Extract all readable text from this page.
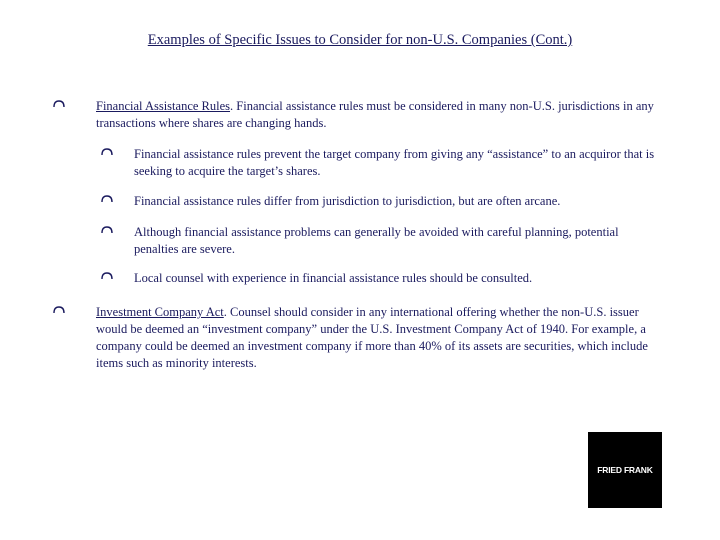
Examples of Specific Issues to Consider for non-U.S. Companies (Cont.)
Financial Assistance Rules. Financial assistance rules must be considered in many non-U.S. jurisdictions in any transactions where shares are changing hands.
Financial assistance rules prevent the target company from giving any “assistance” to an acquiror that is seeking to acquire the target’s shares.
Financial assistance rules differ from jurisdiction to jurisdiction, but are often arcane.
Although financial assistance problems can generally be avoided with careful planning, potential penalties are severe.
Local counsel with experience in financial assistance rules should be consulted.
Investment Company Act. Counsel should consider in any international offering whether the non-U.S. issuer would be deemed an “investment company” under the U.S. Investment Company Act of 1940. For example, a company could be deemed an investment company if more than 40% of its assets are securities, which include items such as minority interests.
FRIED FRANK
